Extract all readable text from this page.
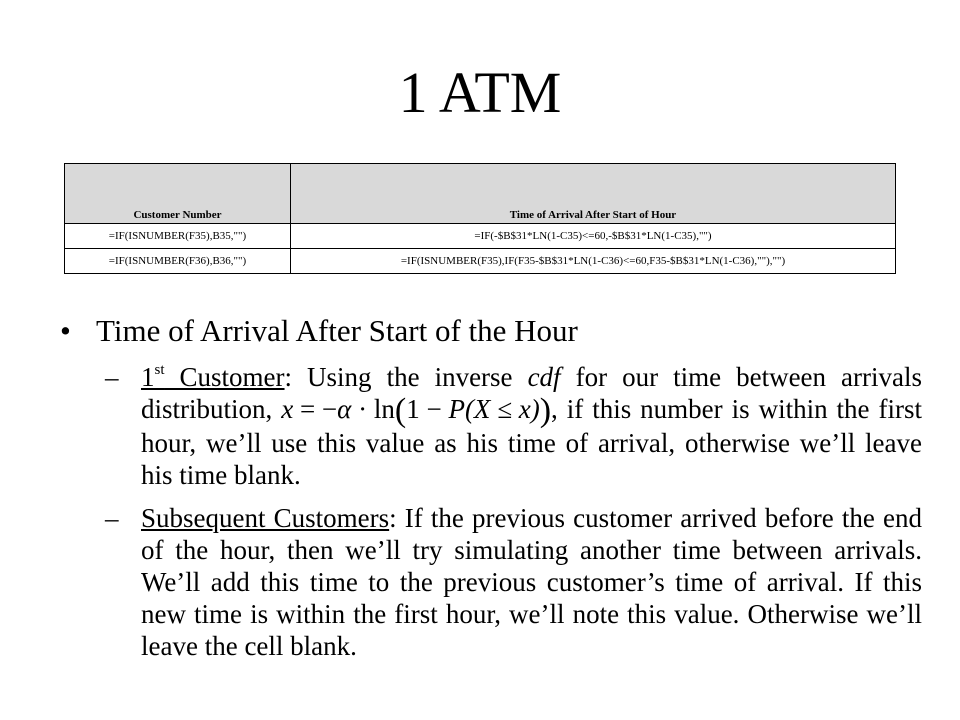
1 ATM
Customer Number	Time of Arrival After Start of Hour
=IF(ISNUMBER(F35),B35,"")	=IF(-$B$31*LN(1-C35)<=60,-$B$31*LN(1-C35),"")
=IF(ISNUMBER(F36),B36,"")	=IF(ISNUMBER(F35),IF(F35-$B$31*LN(1-C36)<=60,F35-$B$31*LN(1-C36),""),"")
• Time of Arrival After Start of the Hour
– 1st Customer: Using the inverse cdf for our time between arrivals distribution, x = −α · ln(1 − P(X ≤ x)), if this number is within the first hour, we’ll use this value as his time of arrival, otherwise we’ll leave his time blank.
– Subsequent Customers: If the previous customer arrived before the end of the hour, then we’ll try simulating another time between arrivals. We’ll add this time to the previous customer’s time of arrival. If this new time is within the first hour, we’ll note this value. Otherwise we’ll leave the cell blank.
